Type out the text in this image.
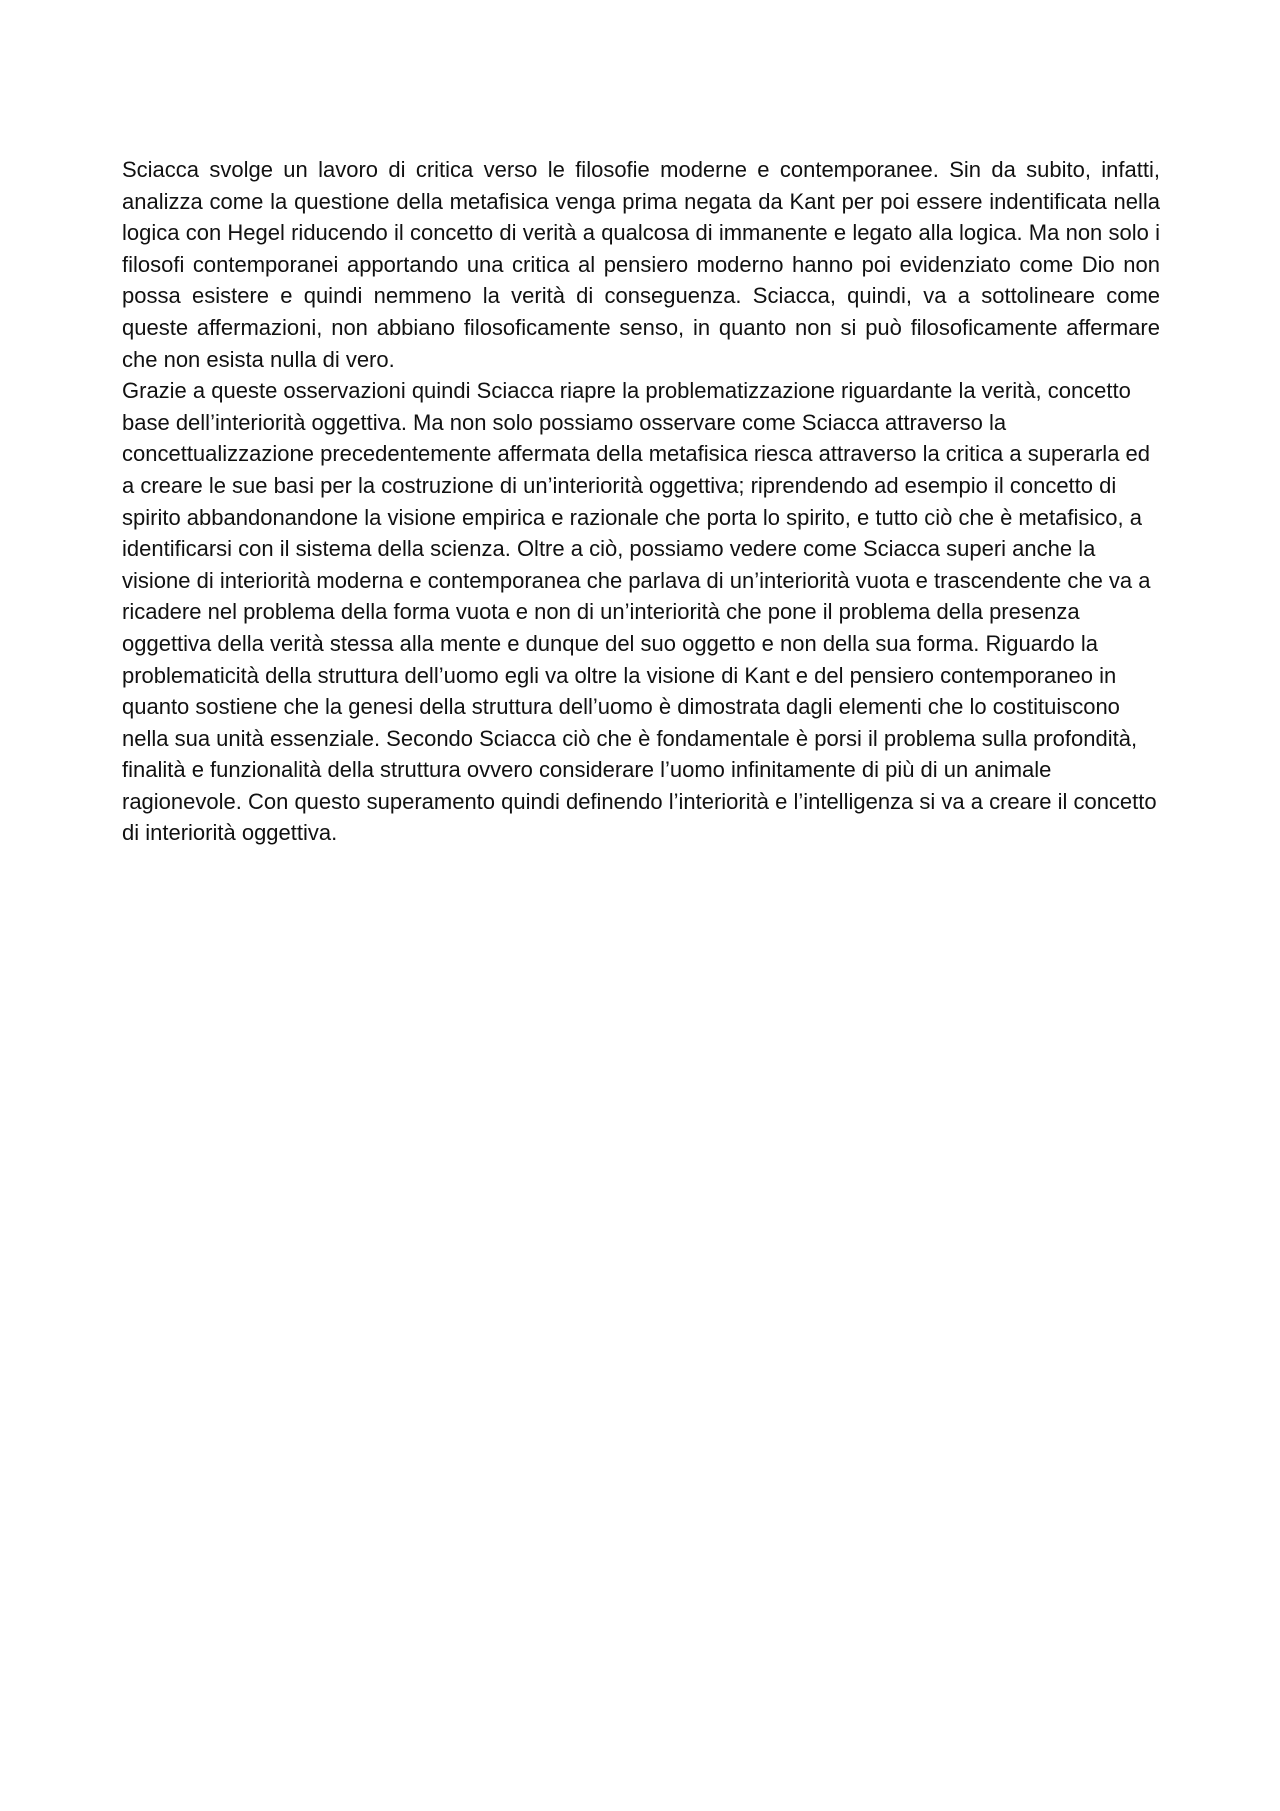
Sciacca svolge un lavoro di critica verso le filosofie moderne e contemporanee. Sin da subito, infatti, analizza come la questione della metafisica venga prima negata da Kant per poi essere indentificata nella logica con Hegel riducendo il concetto di verità a qualcosa di immanente e legato alla logica. Ma non solo i filosofi contemporanei apportando una critica al pensiero moderno hanno poi evidenziato come Dio non possa esistere e quindi nemmeno la verità di conseguenza. Sciacca, quindi, va a sottolineare come queste affermazioni, non abbiano filosoficamente senso, in quanto non si può filosoficamente affermare che non esista nulla di vero.

Grazie a queste osservazioni quindi Sciacca riapre la problematizzazione riguardante la verità, concetto base dell’interiorità oggettiva. Ma non solo possiamo osservare come Sciacca attraverso la concettualizzazione precedentemente affermata della metafisica riesca attraverso la critica a superarla ed a creare le sue basi per la costruzione di un’interiorità oggettiva; riprendendo ad esempio il concetto di spirito abbandonandone la visione empirica e razionale che porta lo spirito, e tutto ciò che è metafisico, a identificarsi con il sistema della scienza. Oltre a ciò, possiamo vedere come Sciacca superi anche la visione di interiorità moderna e contemporanea che parlava di un’interiorità vuota e trascendente che va a ricadere nel problema della forma vuota e non di un’interiorità che pone il problema della presenza oggettiva della verità stessa alla mente e dunque del suo oggetto e non della sua forma. Riguardo la problematicità della struttura dell’uomo egli va oltre la visione di Kant e del pensiero contemporaneo in quanto sostiene che la genesi della struttura dell’uomo è dimostrata dagli elementi che lo costituiscono nella sua unità essenziale. Secondo Sciacca ciò che è fondamentale è porsi il problema sulla profondità, finalità e funzionalità della struttura ovvero considerare l’uomo infinitamente di più di un animale ragionevole. Con questo superamento quindi definendo l’interiorità e l’intelligenza si va a creare il concetto di interiorità oggettiva.
